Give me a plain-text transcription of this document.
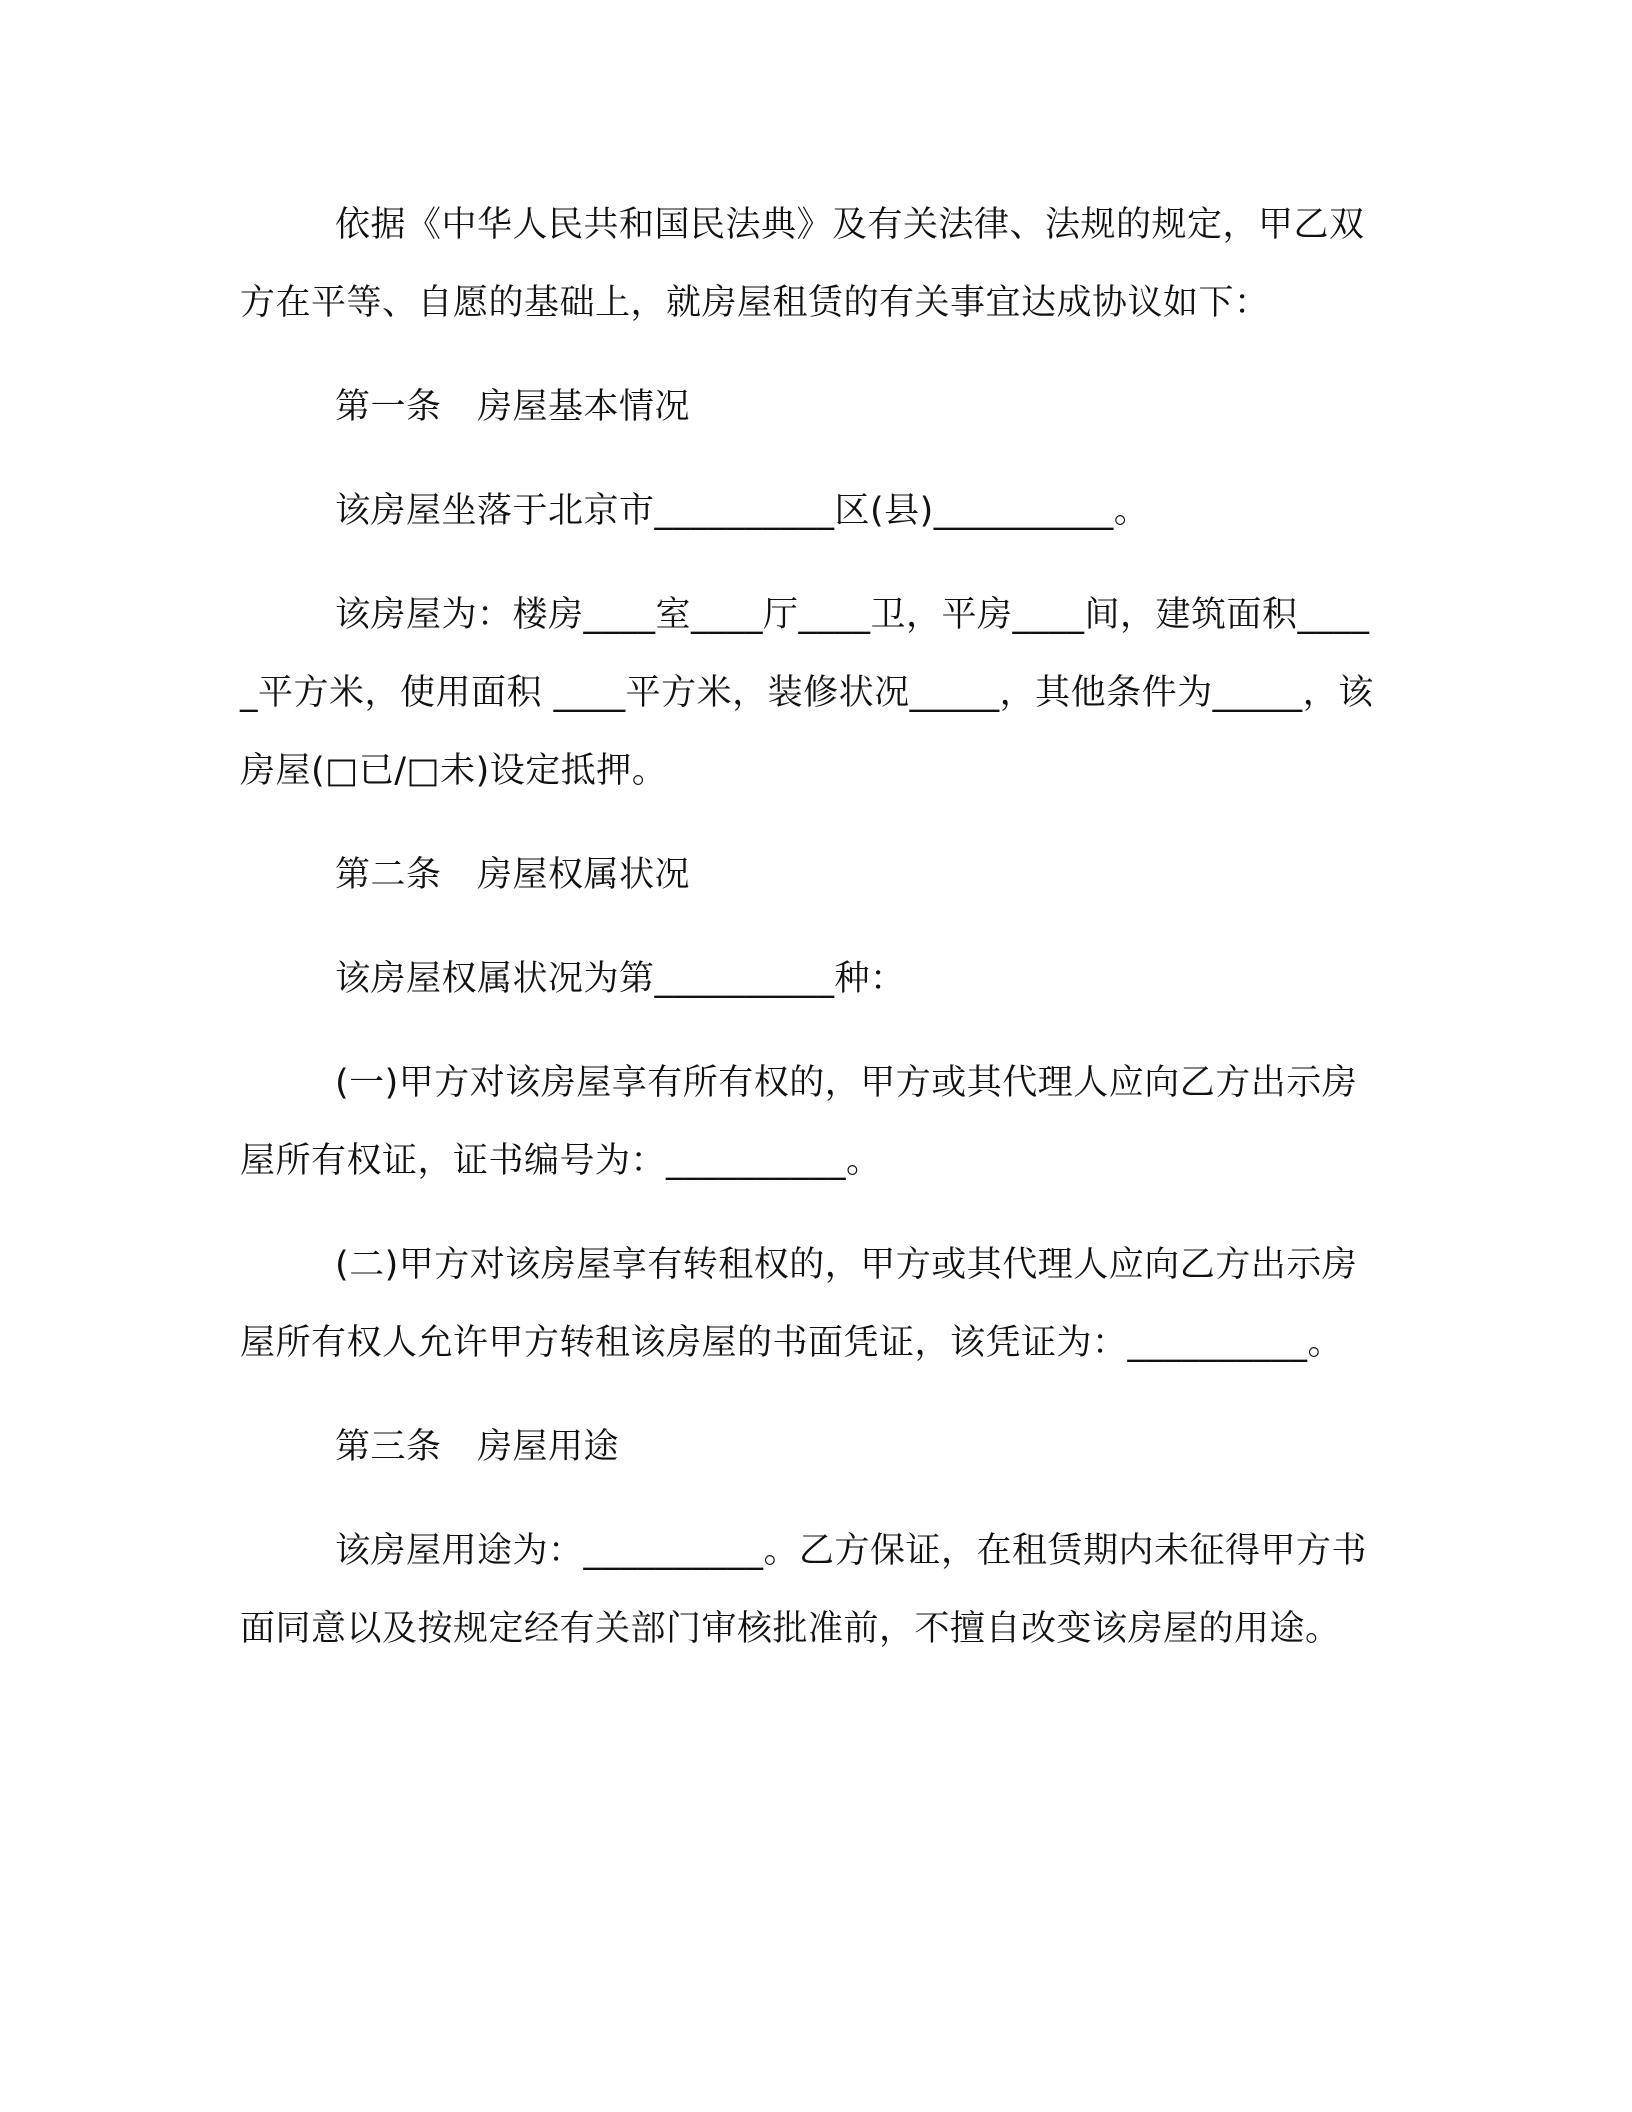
依据《中华人民共和国民法典》及有关法律、法规的规定，甲乙双方在平等、自愿的基础上，就房屋租赁的有关事宜达成协议如下：

第一条　房屋基本情况

该房屋坐落于北京市__________区(县)__________。

该房屋为：楼房____室____厅____卫，平房____间，建筑面积_____平方米，使用面积 ____平方米，装修状况_____，其他条件为_____，该房屋(□已/□未)设定抵押。

第二条　房屋权属状况

该房屋权属状况为第__________种：

(一)甲方对该房屋享有所有权的，甲方或其代理人应向乙方出示房屋所有权证，证书编号为：__________。

(二)甲方对该房屋享有转租权的，甲方或其代理人应向乙方出示房屋所有权人允许甲方转租该房屋的书面凭证，该凭证为：__________。

第三条　房屋用途

该房屋用途为：__________。乙方保证，在租赁期内未征得甲方书面同意以及按规定经有关部门审核批准前，不擅自改变该房屋的用途。
